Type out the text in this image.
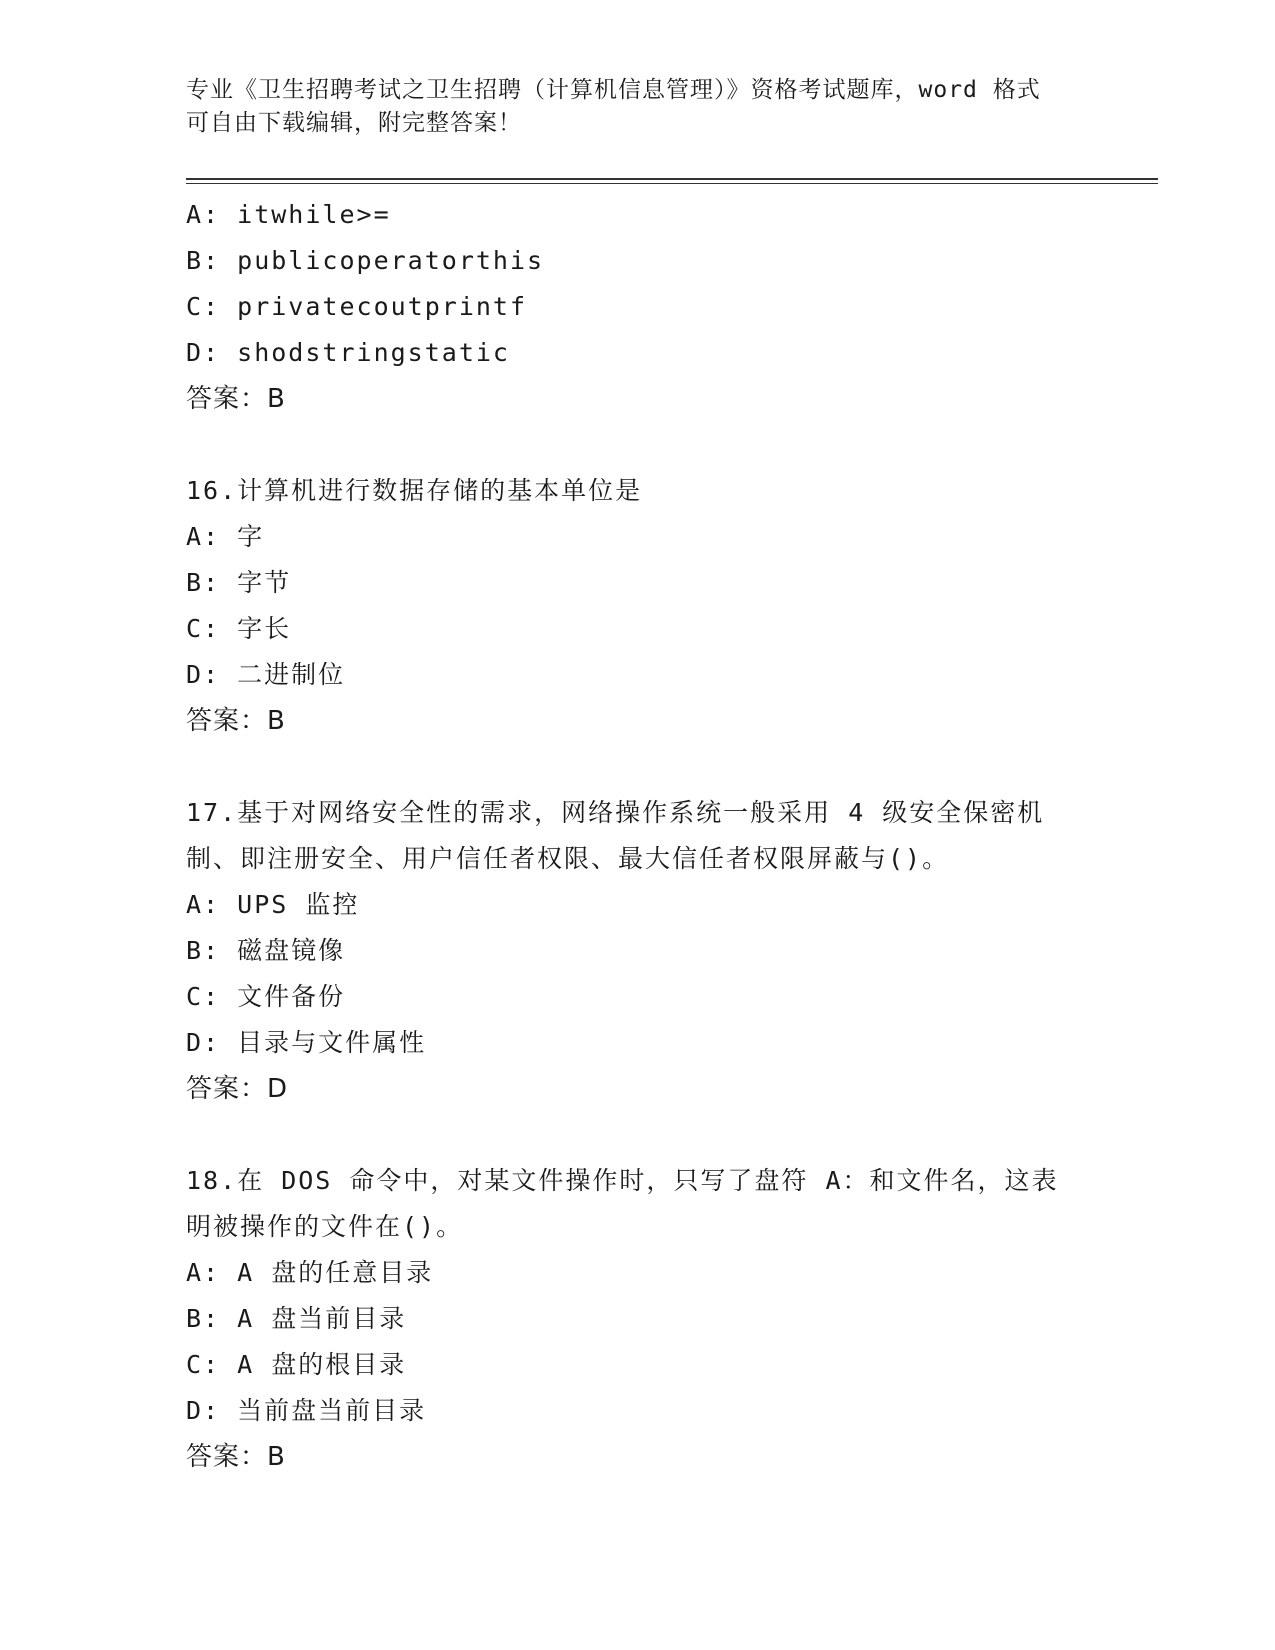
专业《卫生招聘考试之卫生招聘（计算机信息管理）》资格考试题库，word 格式
可自由下载编辑，附完整答案！

A: itwhile>=

B: publicoperatorthis

C: privatecoutprintf

D: shodstringstatic

答案：B

16.计算机进行数据存储的基本单位是

A: 字

B: 字节

C: 字长

D: 二进制位

答案：B

17.基于对网络安全性的需求，网络操作系统一般采用 4 级安全保密机制、即注册安全、用户信任者权限、最大信任者权限屏蔽与()。

A: UPS 监控

B: 磁盘镜像

C: 文件备份

D: 目录与文件属性

答案：D

18.在 DOS 命令中，对某文件操作时，只写了盘符 A：和文件名，这表明被操作的文件在()。

A: A 盘的任意目录

B: A 盘当前目录

C: A 盘的根目录

D: 当前盘当前目录

答案：B
